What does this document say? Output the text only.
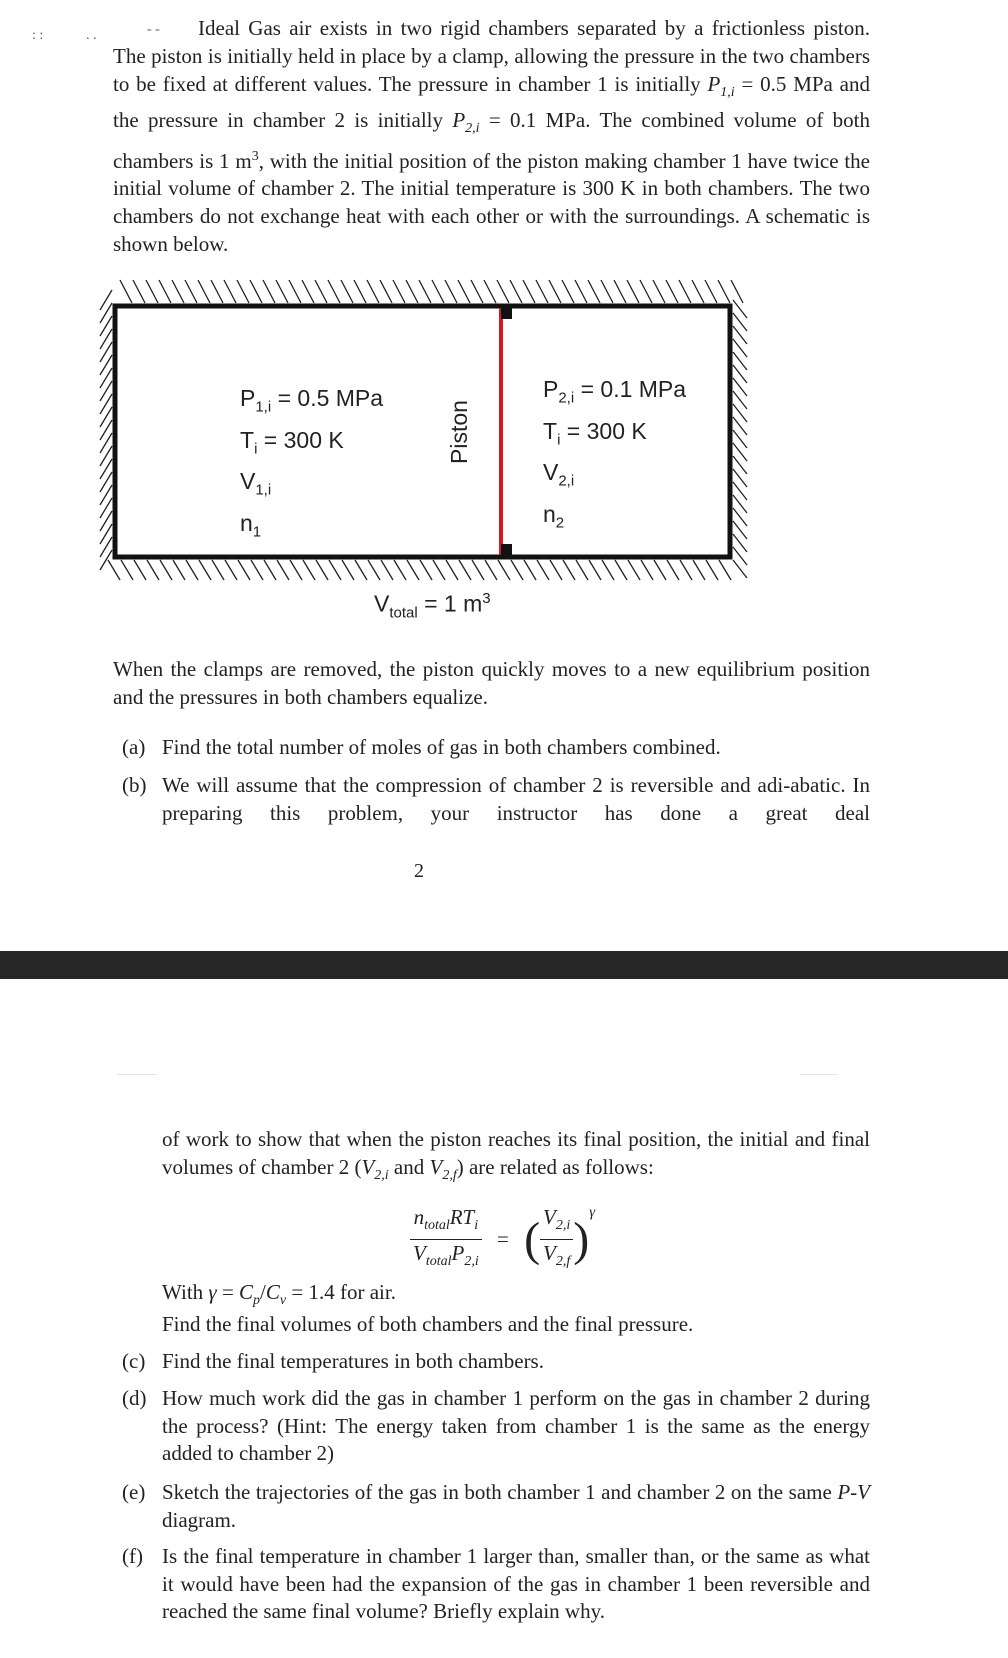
: :	. .	- -	Ideal Gas air exists in two rigid chambers separated by a frictionless piston. The piston is initially held in place by a clamp, allowing the pressure in the two chambers to be fixed at different values. The pressure in chamber 1 is initially $P_{1,i} = 0.5$ MPa and the pressure in chamber 2 is initially $P_{2,i} = 0.1$ MPa. The combined volume of both chambers is 1 $m^3$, with the initial position of the piston making chamber 1 have twice the initial volume of chamber 2. The initial temperature is 300 K in both chambers. The two chambers do not exchange heat with each other or with the surroundings. A schematic is shown below.
$P_{1,i} = 0.5$ MPa
$T_i = 300$ K
$V_{1,i}$
$n_1$
$P_{2,i} = 0.1$ MPa
$T_i = 300$ K
$V_{2,i}$
$n_2$
Piston
$V_{total} = 1$ $m^3$
When the clamps are removed, the piston quickly moves to a new equilibrium position and the pressures in both chambers equalize.
(a) Find the total number of moles of gas in both chambers combined.
(b) We will assume that the compression of chamber 2 is reversible and adi-abatic. In preparing this problem, your instructor has done a great deal
2
of work to show that when the piston reaches its final position, the initial and final volumes of chamber 2 ($V_{2,i}$ and $V_{2,f}$) are related as follows:
$\frac{n_{total}RT_i}{V_{total}P_{2,i}}$ = ( $\frac{V_{2,i}}{V_{2,f}} )^\gamma$
With $\gamma = C_p/C_v = 1.4$ for air.
Find the final volumes of both chambers and the final pressure.
(c) Find the final temperatures in both chambers.
(d) How much work did the gas in chamber 1 perform on the gas in chamber 2 during the process? (Hint: The energy taken from chamber 1 is the same as the energy added to chamber 2)
(e) Sketch the trajectories of the gas in both chamber 1 and chamber 2 on the same P-V diagram.
(f) Is the final temperature in chamber 1 larger than, smaller than, or the same as what it would have been had the expansion of the gas in chamber 1 been reversible and reached the same final volume? Briefly explain why.
